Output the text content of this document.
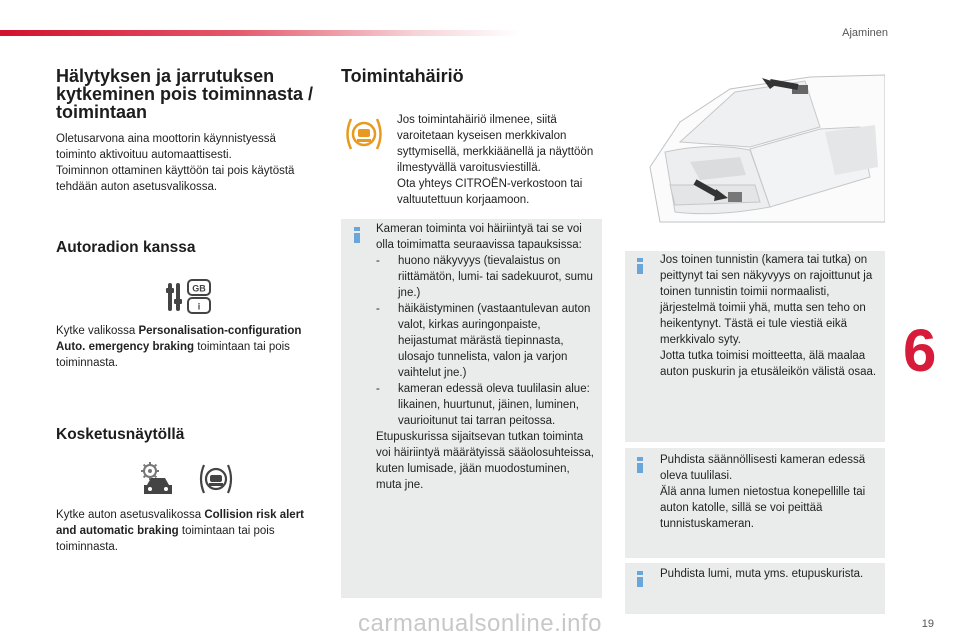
Ajaminen
6
Hälytyksen ja jarrutuksen kytkeminen pois toiminnasta / toimintaan

Oletusarvona aina moottorin käynnistyessä toiminto aktivoituu automaattisesti.
Toiminnon ottaminen käyttöön tai pois käytöstä tehdään auton asetusvalikossa.

Autoradion kanssa
GB
i

Kytke valikossa Personalisation-configuration Auto. emergency braking toimintaan tai pois toiminnasta.

Kosketusnäytöllä

Kytke auton asetusvalikossa Collision risk alert and automatic braking toimintaan tai pois toiminnasta.

Toimintahäiriö

Jos toimintahäiriö ilmenee, siitä varoitetaan kyseisen merkkivalon syttymisellä, merkkiäänellä ja näyttöön ilmestyvällä varoitusviestillä.
Ota yhteys CITROËN-verkostoon tai valtuutettuun korjaamoon.

Kameran toiminta voi häiriintyä tai se voi olla toimimatta seuraavissa tapauksissa:
- huono näkyvyys (tievalaistus on riittämätön, lumi- tai sadekuurot, sumu jne.)
- häikäistyminen (vastaantulevan auton valot, kirkas auringonpaiste, heijastumat märästä tiepinnasta, ulosajo tunnelista, valon ja varjon vaihtelut jne.)
- kameran edessä oleva tuulilasin alue: likainen, huurtunut, jäinen, luminen, vaurioitunut tai tarran peitossa.
Etupuskurissa sijaitsevan tutkan toiminta voi häiriintyä määrätyissä sääolosuhteissa, kuten lumisade, jään muodostuminen, muta jne.

Jos toinen tunnistin (kamera tai tutka) on peittynyt tai sen näkyvyys on rajoittunut ja toinen tunnistin toimii normaalisti, järjestelmä toimii yhä, mutta sen teho on heikentynyt. Tästä ei tule viestiä eikä merkkivalo syty.
Jotta tutka toimisi moitteetta, älä maalaa auton puskurin ja etusäleikön välistä osaa.

Puhdista säännöllisesti kameran edessä oleva tuulilasi.
Älä anna lumen nietostua konepellille tai auton katolle, sillä se voi peittää tunnistuskameran.

Puhdista lumi, muta yms. etupuskurista.

19
carmanualsonline.info
